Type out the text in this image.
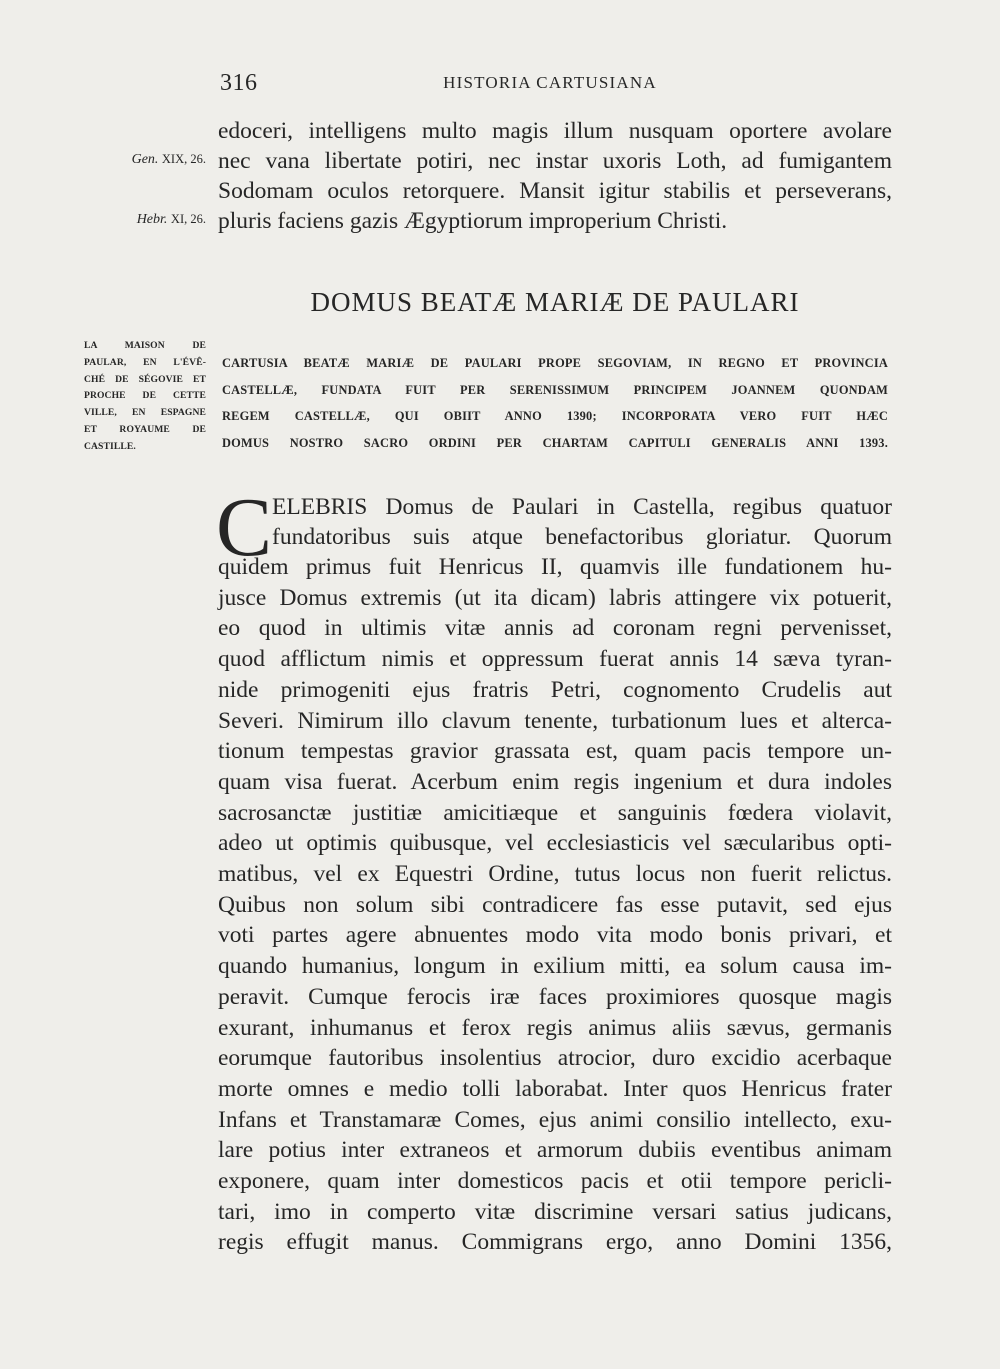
316	HISTORIA CARTUSIANA
Gen. XIX, 26.
Hebr. XI, 26.
edoceri, intelligens multo magis illum nusquam oportere avolare
nec vana libertate potiri, nec instar uxoris Loth, ad fumigantem
Sodomam oculos retorquere. Mansit igitur stabilis et perseverans,
pluris faciens gazis Ægyptiorum improperium Christi.
DOMUS BEATÆ MARIÆ DE PAULARI
LA MAISON DE
PAULAR, EN L'ÉVÊ-
CHÉ DE SÉGOVIE ET
PROCHE DE CETTE
VILLE, EN ESPAGNE
ET ROYAUME DE
CASTILLE.
CARTUSIA BEATÆ MARIÆ DE PAULARI PROPE SEGOVIAM, IN REGNO ET PROVINCIA
CASTELLÆ, FUNDATA FUIT PER SERENISSIMUM PRINCIPEM JOANNEM QUONDAM
REGEM CASTELLÆ, QUI OBIIT ANNO 1390; INCORPORATA VERO FUIT HÆC
DOMUS NOSTRO SACRO ORDINI PER CHARTAM CAPITULI GENERALIS ANNI 1393.
C ELEBRIS Domus de Paulari in Castella, regibus quatuor
fundatoribus suis atque benefactoribus gloriatur. Quorum
quidem primus fuit Henricus II, quamvis ille fundationem hu-
jusce Domus extremis (ut ita dicam) labris attingere vix potuerit,
eo quod in ultimis vitæ annis ad coronam regni pervenisset,
quod afflictum nimis et oppressum fuerat annis 14 sæva tyran-
nide primogeniti ejus fratris Petri, cognomento Crudelis aut
Severi. Nimirum illo clavum tenente, turbationum lues et alterca-
tionum tempestas gravior grassata est, quam pacis tempore un-
quam visa fuerat. Acerbum enim regis ingenium et dura indoles
sacrosanctæ justitiæ amicitiæque et sanguinis fœdera violavit,
adeo ut optimis quibusque, vel ecclesiasticis vel sæcularibus opti-
matibus, vel ex Equestri Ordine, tutus locus non fuerit relictus.
Quibus non solum sibi contradicere fas esse putavit, sed ejus
voti partes agere abnuentes modo vita modo bonis privari, et
quando humanius, longum in exilium mitti, ea solum causa im-
peravit. Cumque ferocis iræ faces proximiores quosque magis
exurant, inhumanus et ferox regis animus aliis sævus, germanis
eorumque fautoribus insolentius atrocior, duro excidio acerbaque
morte omnes e medio tolli laborabat. Inter quos Henricus frater
Infans et Transtamaræ Comes, ejus animi consilio intellecto, exu-
lare potius inter extraneos et armorum dubiis eventibus animam
exponere, quam inter domesticos pacis et otii tempore pericli-
tari, imo in comperto vitæ discrimine versari satius judicans,
regis effugit manus. Commigrans ergo, anno Domini 1356,
